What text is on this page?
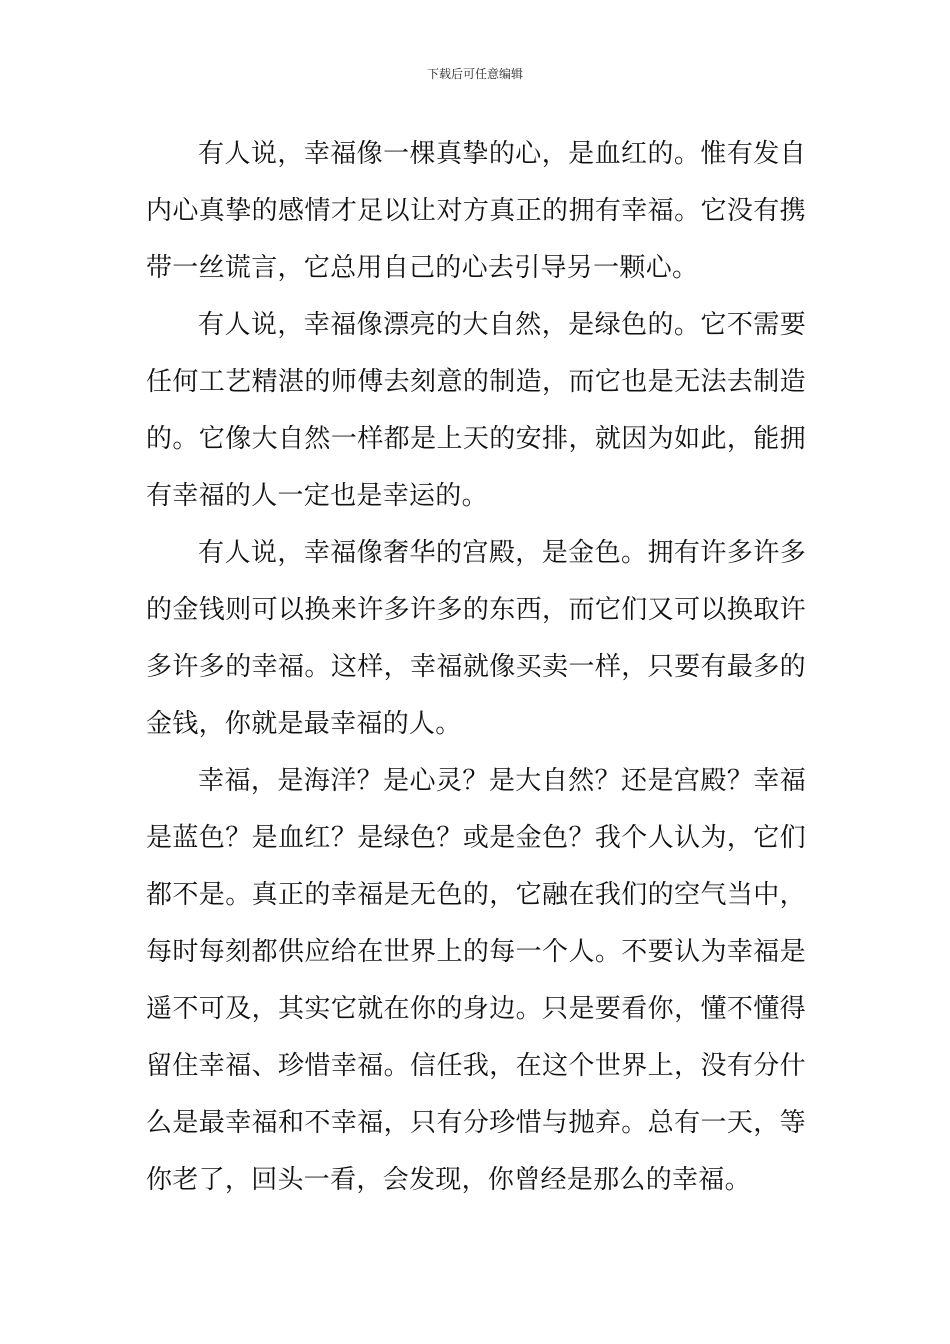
下载后可任意编辑

有人说，幸福像一棵真挚的心，是血红的。惟有发自内心真挚的感情才足以让对方真正的拥有幸福。它没有携带一丝谎言，它总用自己的心去引导另一颗心。

有人说，幸福像漂亮的大自然，是绿色的。它不需要任何工艺精湛的师傅去刻意的制造，而它也是无法去制造的。它像大自然一样都是上天的安排，就因为如此，能拥有幸福的人一定也是幸运的。

有人说，幸福像奢华的宫殿，是金色。拥有许多许多的金钱则可以换来许多许多的东西，而它们又可以换取许多许多的幸福。这样，幸福就像买卖一样，只要有最多的金钱，你就是最幸福的人。

幸福，是海洋？是心灵？是大自然？还是宫殿？幸福是蓝色？是血红？是绿色？或是金色？我个人认为，它们都不是。真正的幸福是无色的，它融在我们的空气当中，每时每刻都供应给在世界上的每一个人。不要认为幸福是遥不可及，其实它就在你的身边。只是要看你，懂不懂得留住幸福、珍惜幸福。信任我，在这个世界上，没有分什么是最幸福和不幸福，只有分珍惜与抛弃。总有一天，等你老了，回头一看，会发现，你曾经是那么的幸福。
